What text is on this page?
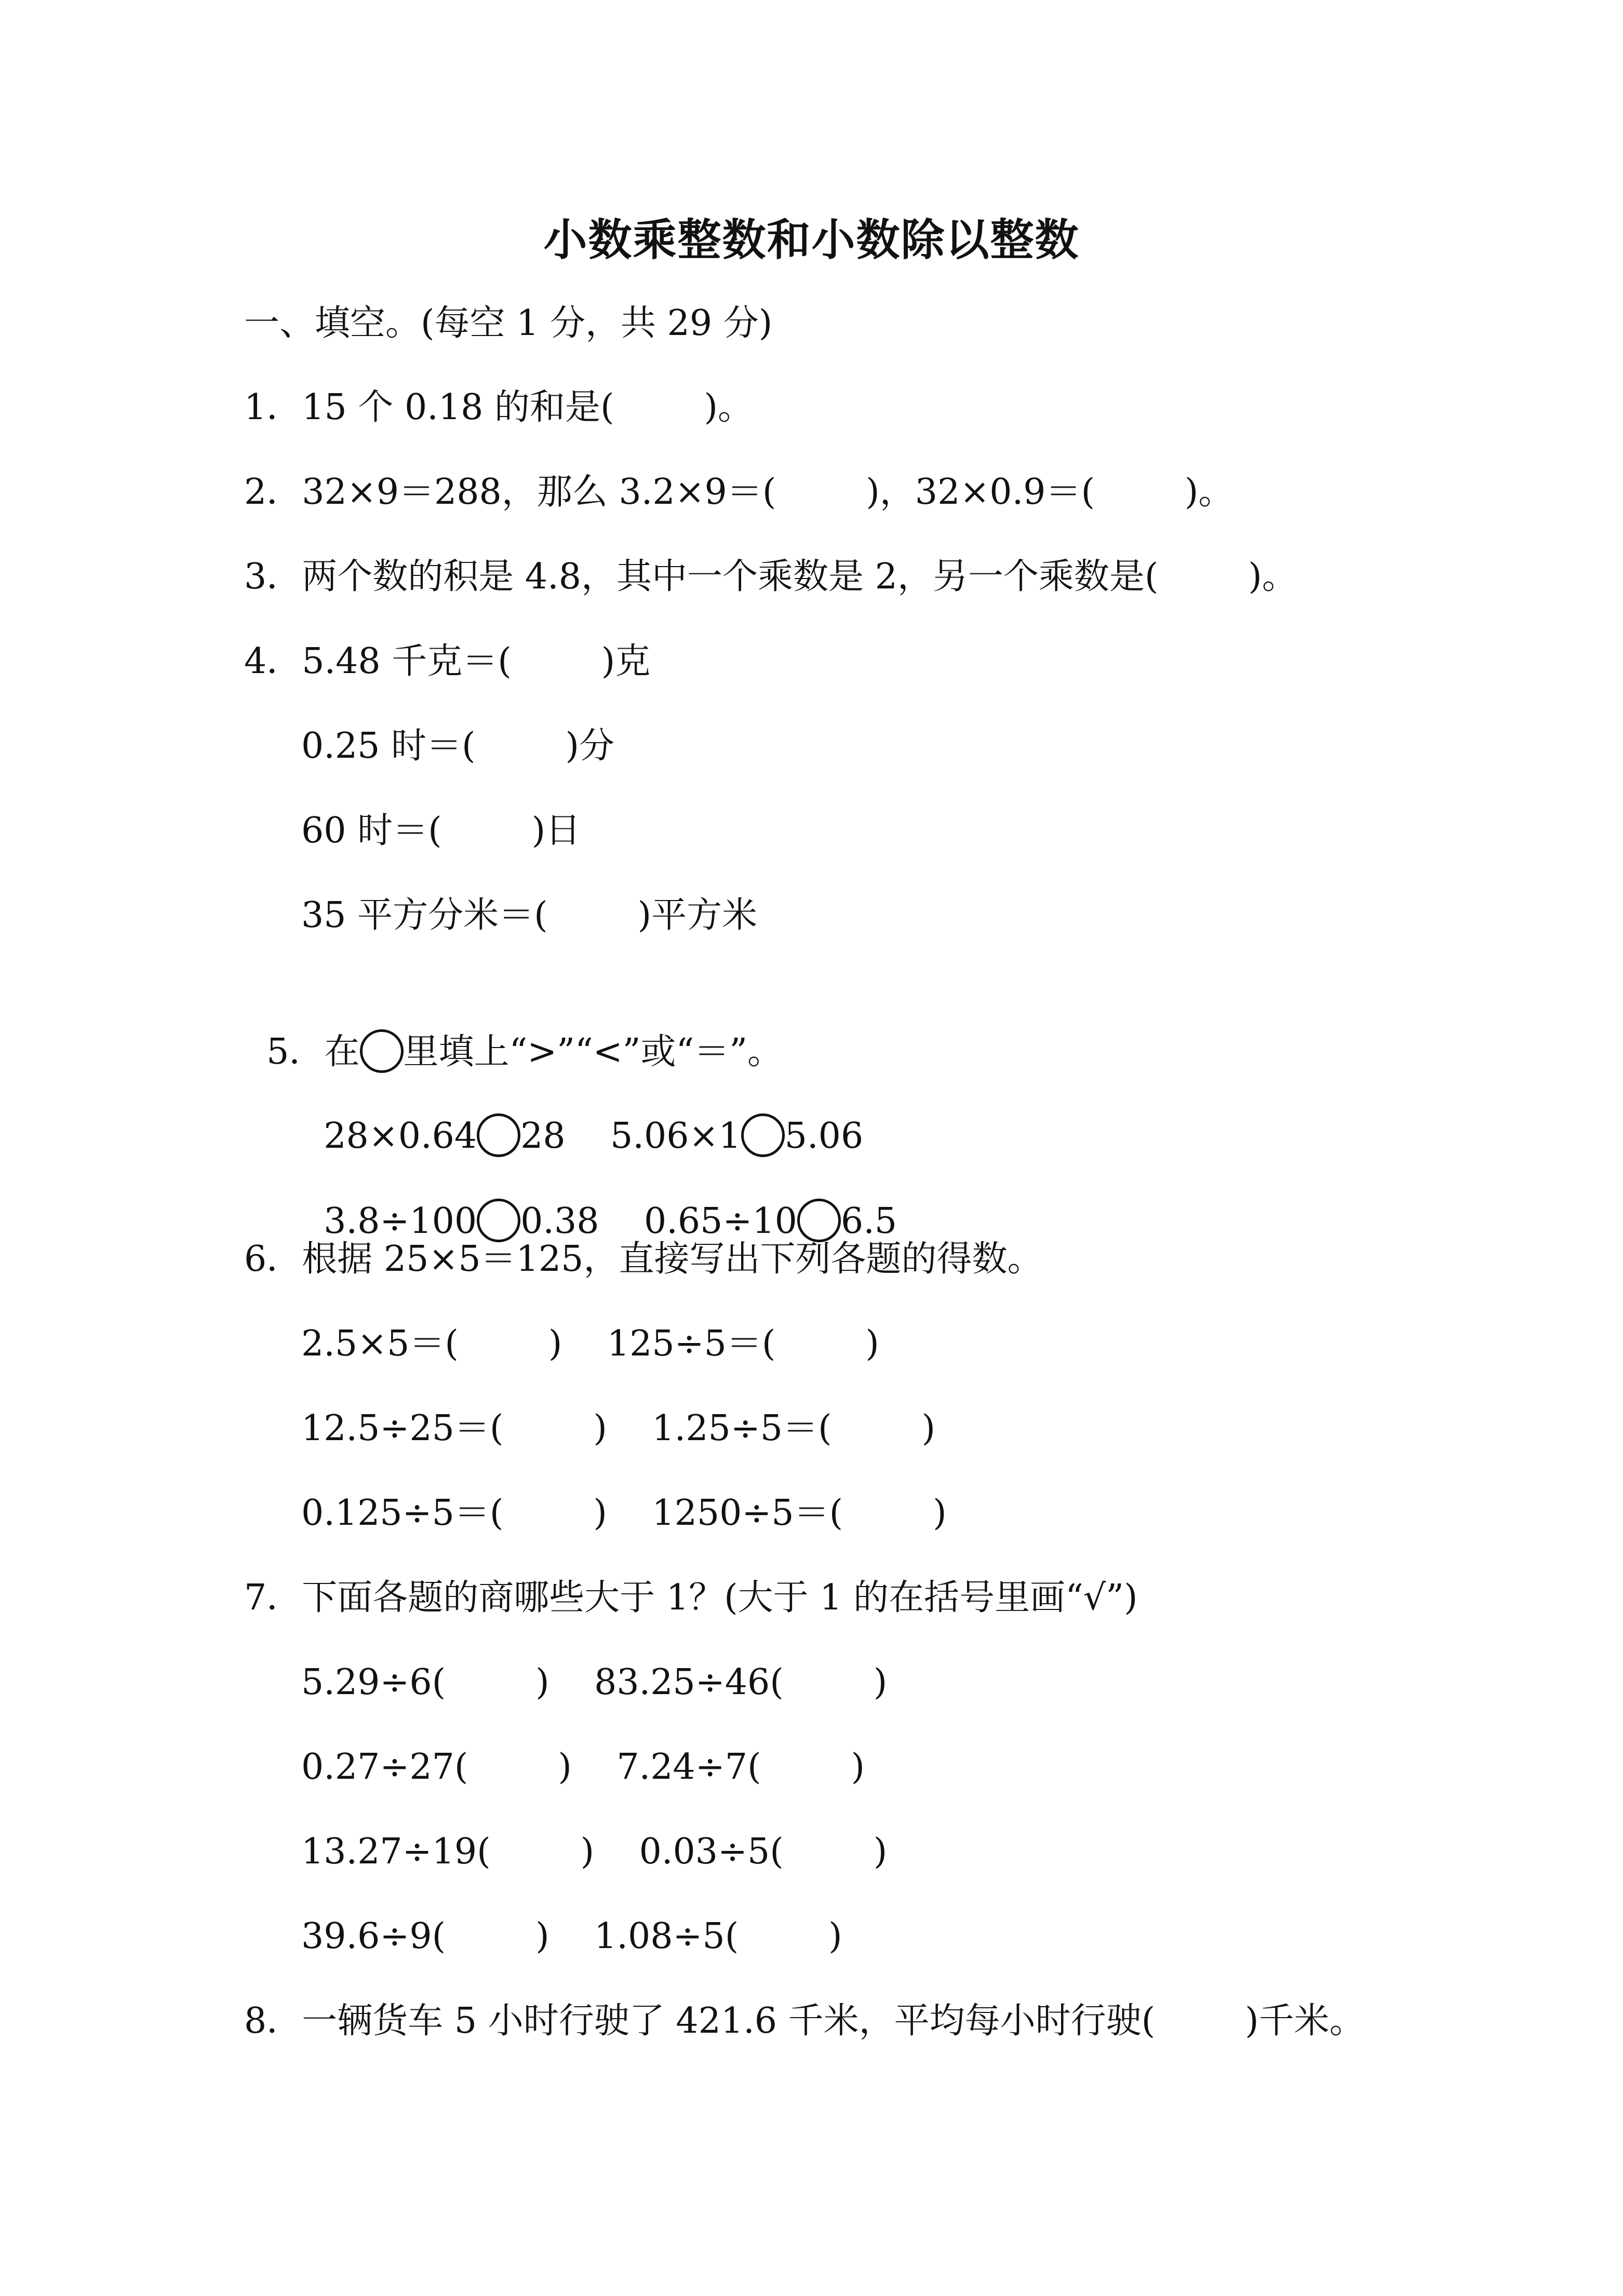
小数乘整数和小数除以整数
一、填空。(每空 1 分，共 29 分)
1．15 个 0.18 的和是(        )。
2．32×9＝288，那么 3.2×9＝(        )，32×0.9＝(        )。
3．两个数的积是 4.8，其中一个乘数是 2，另一个乘数是(        )。
4．5.48 千克＝(        )克
0.25 时＝(        )分
60 时＝(        )日
35 平方分米＝(        )平方米

5．在 里填上“>”“<”或“＝”。

28×0.64 28    5.06×1 5.06

3.8÷100 0.38    0.65÷10 6.5

6．根据 25×5＝125，直接写出下列各题的得数。
2.5×5＝(        )    125÷5＝(        )
12.5÷25＝(        )    1.25÷5＝(        )
0.125÷5＝(        )    1250÷5＝(        )
7．下面各题的商哪些大于 1？(大于 1 的在括号里画“√”)
5.29÷6(        )    83.25÷46(        )
0.27÷27(        )    7.24÷7(        )
13.27÷19(        )    0.03÷5(        )
39.6÷9(        )    1.08÷5(        )
8．一辆货车 5 小时行驶了 421.6 千米，平均每小时行驶(        )千米。
